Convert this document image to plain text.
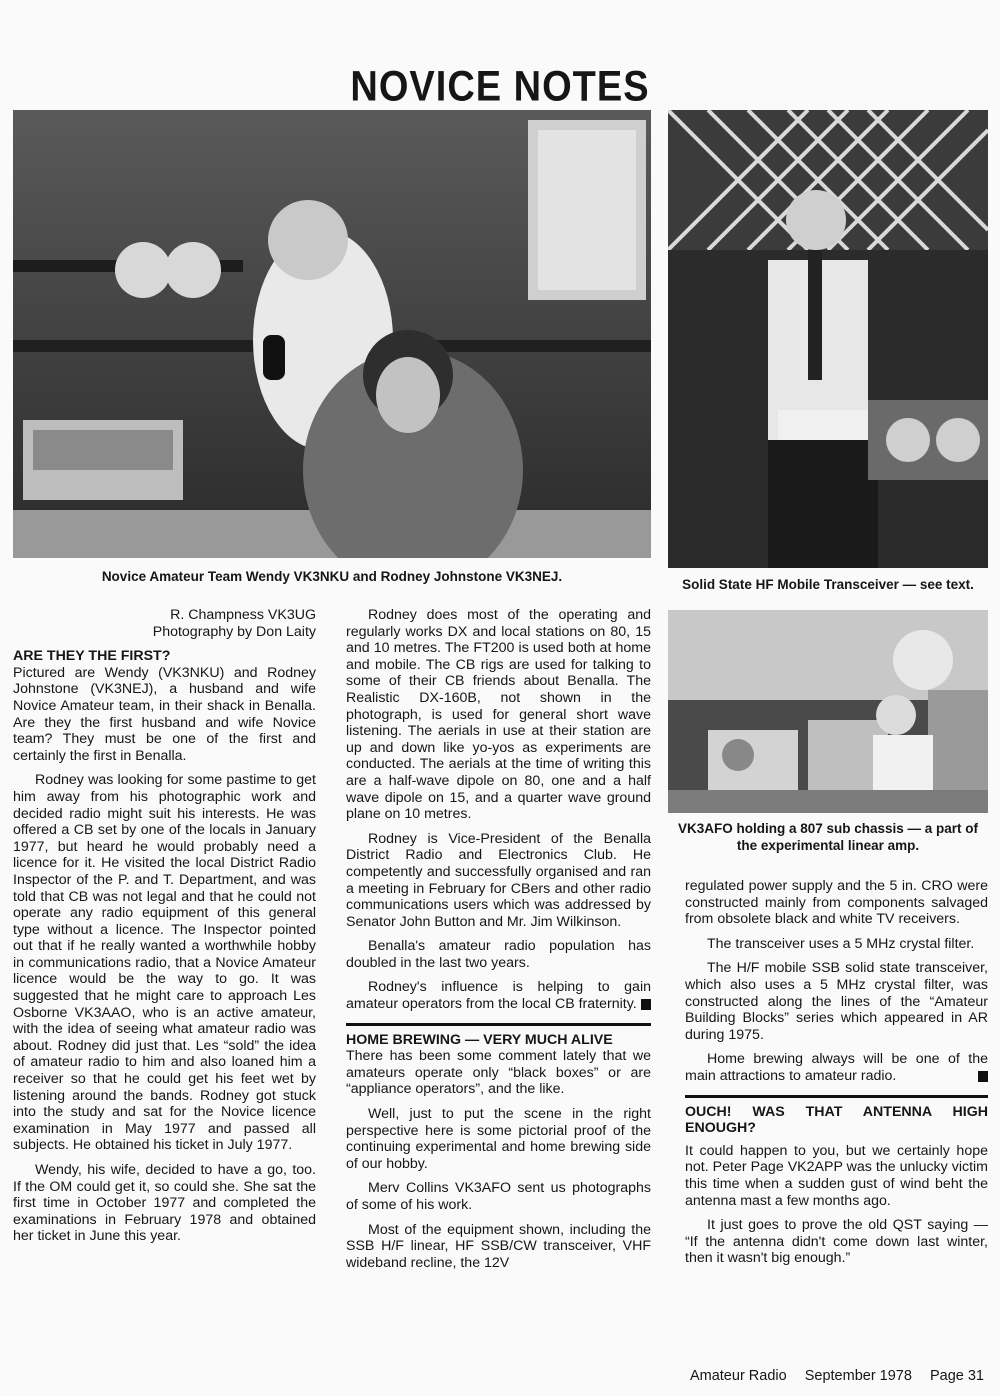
NOVICE NOTES
Novice Amateur Team Wendy VK3NKU and Rodney Johnstone VK3NEJ.
Solid State HF Mobile Transceiver — see text.
VK3AFO holding a 807 sub chassis — a part of the experimental linear amp.

R. Champness VK3UG
Photography by Don Laity

ARE THEY THE FIRST?

Pictured are Wendy (VK3NKU) and Rodney Johnstone (VK3NEJ), a husband and wife Novice Amateur team, in their shack in Benalla. Are they the first husband and wife Novice team? They must be one of the first and certainly the first in Benalla.

Rodney was looking for some pastime to get him away from his photographic work and decided radio might suit his interests. He was offered a CB set by one of the locals in January 1977, but heard he would probably need a licence for it. He visited the local District Radio Inspector of the P. and T. Department, and was told that CB was not legal and that he could not operate any radio equipment of this general type without a licence. The Inspector pointed out that if he really wanted a worthwhile hobby in communications radio, that a Novice Amateur licence would be the way to go. It was suggested that he might care to approach Les Osborne VK3AAO, who is an active amateur, with the idea of seeing what amateur radio was about. Rodney did just that. Les “sold” the idea of amateur radio to him and also loaned him a receiver so that he could get his feet wet by listening around the bands. Rodney got stuck into the study and sat for the Novice licence examination in May 1977 and passed all subjects. He obtained his ticket in July 1977.

Wendy, his wife, decided to have a go, too. If the OM could get it, so could she. She sat the first time in October 1977 and completed the examinations in February 1978 and obtained her ticket in June this year.

Rodney does most of the operating and regularly works DX and local stations on 80, 15 and 10 metres. The FT200 is used both at home and mobile. The CB rigs are used for talking to some of their CB friends about Benalla. The Realistic DX-160B, not shown in the photograph, is used for general short wave listening. The aerials in use at their station are up and down like yo-yos as experiments are conducted. The aerials at the time of writing this are a half-wave dipole on 80, one and a half wave dipole on 15, and a quarter wave ground plane on 10 metres.

Rodney is Vice-President of the Benalla District Radio and Electronics Club. He competently and successfully organised and ran a meeting in February for CBers and other radio communications users which was addressed by Senator John Button and Mr. Jim Wilkinson.

Benalla's amateur radio population has doubled in the last two years.

Rodney's influence is helping to gain amateur operators from the local CB fraternity.

HOME BREWING — VERY MUCH ALIVE

There has been some comment lately that we amateurs operate only “black boxes” or are “appliance operators”, and the like.

Well, just to put the scene in the right perspective here is some pictorial proof of the continuing experimental and home brewing side of our hobby.

Merv Collins VK3AFO sent us photographs of some of his work.

Most of the equipment shown, including the SSB H/F linear, HF SSB/CW transceiver, VHF wideband recline, the 12V

regulated power supply and the 5 in. CRO were constructed mainly from components salvaged from obsolete black and white TV receivers.

The transceiver uses a 5 MHz crystal filter.

The H/F mobile SSB solid state transceiver, which also uses a 5 MHz crystal filter, was constructed along the lines of the “Amateur Building Blocks” series which appeared in AR during 1975.

Home brewing always will be one of the main attractions to amateur radio.

OUCH! WAS THAT ANTENNA HIGH ENOUGH?

It could happen to you, but we certainly hope not. Peter Page VK2APP was the unlucky victim this time when a sudden gust of wind beht the antenna mast a few months ago.

It just goes to prove the old QST saying — “If the antenna didn't come down last winter, then it wasn't big enough.”

Amateur Radio September 1978 Page 31
